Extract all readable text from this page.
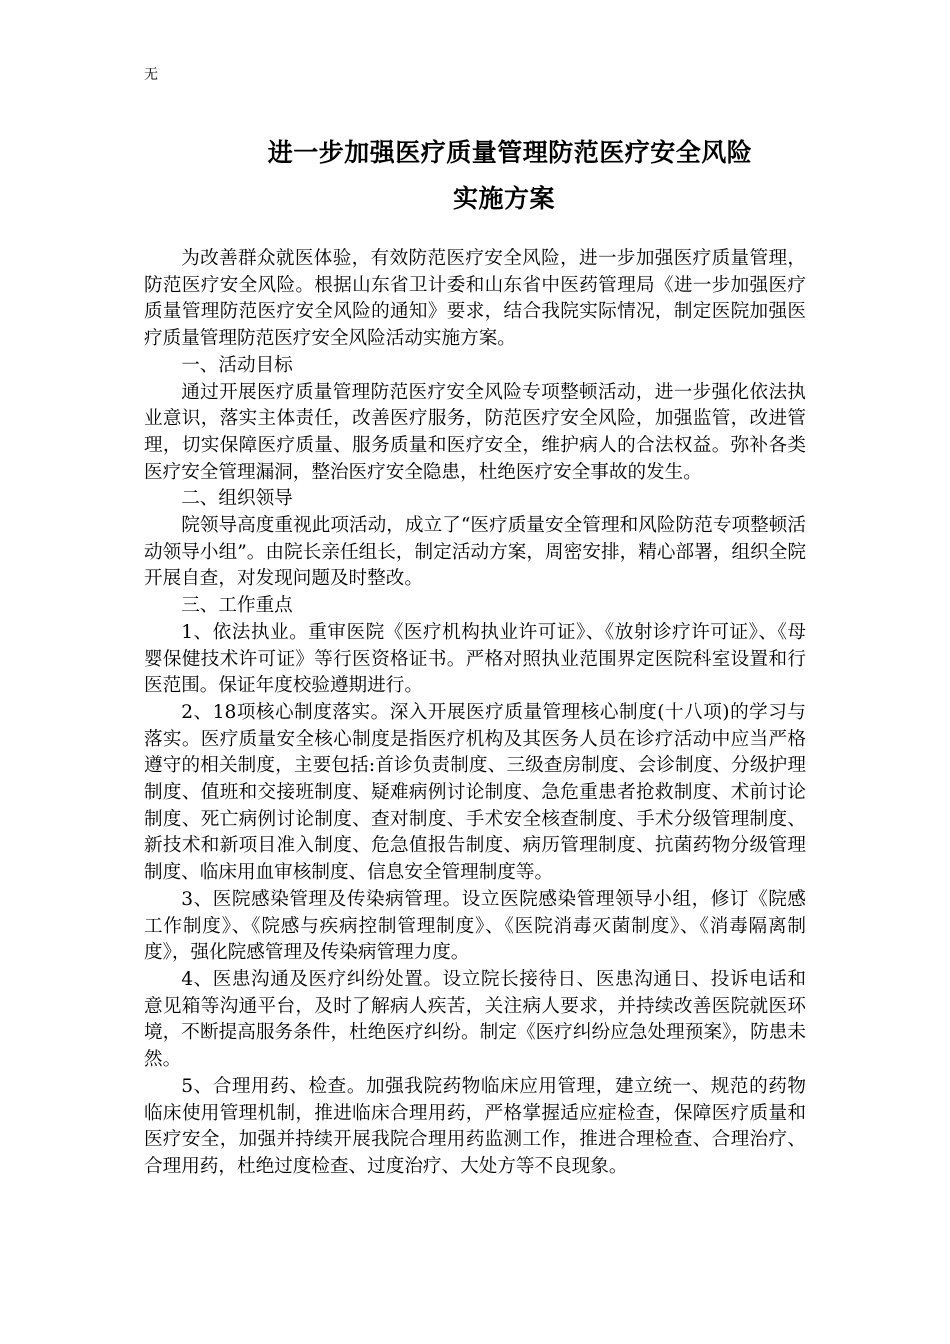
无
进一步加强医疗质量管理防范医疗安全风险
实施方案

为改善群众就医体验，有效防范医疗安全风险，进一步加强医疗质量管理，防范医疗安全风险。根据山东省卫计委和山东省中医药管理局《进一步加强医疗质量管理防范医疗安全风险的通知》要求，结合我院实际情况，制定医院加强医疗质量管理防范医疗安全风险活动实施方案。

一、活动目标

通过开展医疗质量管理防范医疗安全风险专项整顿活动，进一步强化依法执业意识，落实主体责任，改善医疗服务，防范医疗安全风险，加强监管，改进管理，切实保障医疗质量、服务质量和医疗安全，维护病人的合法权益。弥补各类医疗安全管理漏洞，整治医疗安全隐患，杜绝医疗安全事故的发生。

二、组织领导

院领导高度重视此项活动，成立了“医疗质量安全管理和风险防范专项整顿活动领导小组”。由院长亲任组长，制定活动方案，周密安排，精心部署，组织全院开展自查，对发现问题及时整改。

三、工作重点

1、依法执业。重审医院《医疗机构执业许可证》、《放射诊疗许可证》、《母婴保健技术许可证》等行医资格证书。严格对照执业范围界定医院科室设置和行医范围。保证年度校验遵期进行。

2、18项核心制度落实。深入开展医疗质量管理核心制度(十八项)的学习与落实。医疗质量安全核心制度是指医疗机构及其医务人员在诊疗活动中应当严格遵守的相关制度，主要包括:首诊负责制度、三级查房制度、会诊制度、分级护理制度、值班和交接班制度、疑难病例讨论制度、急危重患者抢救制度、术前讨论制度、死亡病例讨论制度、查对制度、手术安全核查制度、手术分级管理制度、新技术和新项目准入制度、危急值报告制度、病历管理制度、抗菌药物分级管理制度、临床用血审核制度、信息安全管理制度等。

3、医院感染管理及传染病管理。设立医院感染管理领导小组，修订《院感工作制度》、《院感与疾病控制管理制度》、《医院消毒灭菌制度》、《消毒隔离制度》，强化院感管理及传染病管理力度。

4、医患沟通及医疗纠纷处置。设立院长接待日、医患沟通日、投诉电话和意见箱等沟通平台，及时了解病人疾苦，关注病人要求，并持续改善医院就医环境，不断提高服务条件，杜绝医疗纠纷。制定《医疗纠纷应急处理预案》，防患未然。

5、合理用药、检查。加强我院药物临床应用管理，建立统一、规范的药物临床使用管理机制，推进临床合理用药，严格掌握适应症检查，保障医疗质量和医疗安全，加强并持续开展我院合理用药监测工作，推进合理检查、合理治疗、合理用药，杜绝过度检查、过度治疗、大处方等不良现象。
